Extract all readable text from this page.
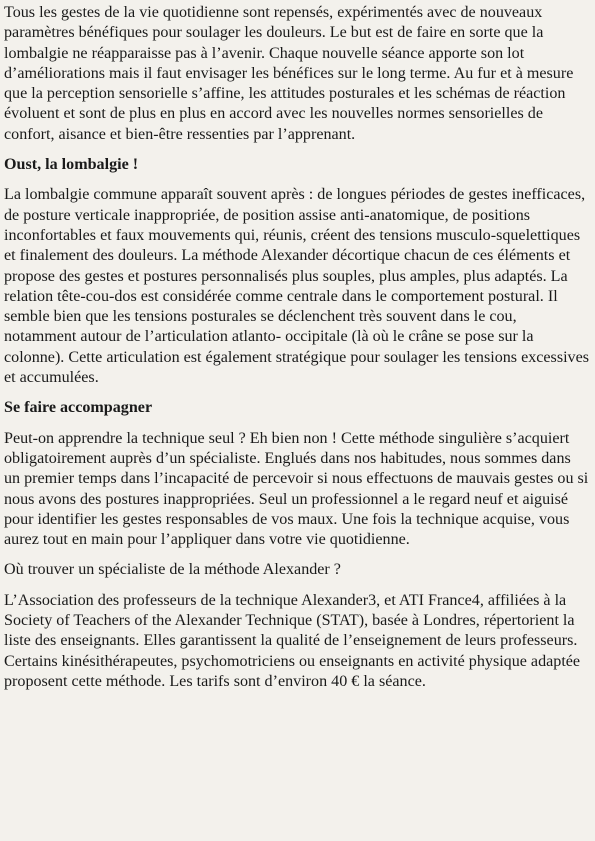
Tous les gestes de la vie quotidienne sont repensés, expérimentés avec de nouveaux paramètres bénéfiques pour soulager les douleurs. Le but est de faire en sorte que la lombalgie ne réapparaisse pas à l’avenir. Chaque nouvelle séance apporte son lot d’améliorations mais il faut envisager les bénéfices sur le long terme. Au fur et à mesure que la perception sensorielle s’affine, les attitudes posturales et les schémas de réaction évoluent et sont de plus en plus en accord avec les nouvelles normes sensorielles de confort, aisance et bien-être ressenties par l’apprenant.

Oust, la lombalgie !

La lombalgie commune apparaît souvent après : de longues périodes de gestes inefficaces, de posture verticale inappropriée, de position assise anti-anatomique, de positions inconfortables et faux mouvements qui, réunis, créent des tensions musculo-squelettiques et finalement des douleurs. La méthode Alexander décortique chacun de ces éléments et propose des gestes et postures personnalisés plus souples, plus amples, plus adaptés. La relation tête-cou-dos est considérée comme centrale dans le comportement postural. Il semble bien que les tensions posturales se déclenchent très souvent dans le cou, notamment autour de l’articulation atlanto- occipitale (là où le crâne se pose sur la colonne). Cette articulation est également stratégique pour soulager les tensions excessives et accumulées.

Se faire accompagner

Peut-on apprendre la technique seul ? Eh bien non ! Cette méthode singulière s’acquiert obligatoirement auprès d’un spécialiste. Englués dans nos habitudes, nous sommes dans un premier temps dans l’incapacité de percevoir si nous effectuons de mauvais gestes ou si nous avons des postures inappropriées. Seul un professionnel a le regard neuf et aiguisé pour identifier les gestes responsables de vos maux. Une fois la technique acquise, vous aurez tout en main pour l’appliquer dans votre vie quotidienne.

Où trouver un spécialiste de la méthode Alexander ?

L’Association des professeurs de la technique Alexander3, et ATI France4, affiliées à la Society of Teachers of the Alexander Technique (STAT), basée à Londres, répertorient la liste des enseignants. Elles garantissent la qualité de l’enseignement de leurs professeurs. Certains kinésithérapeutes, psychomotriciens ou enseignants en activité physique adaptée proposent cette méthode. Les tarifs sont d’environ 40 € la séance.
